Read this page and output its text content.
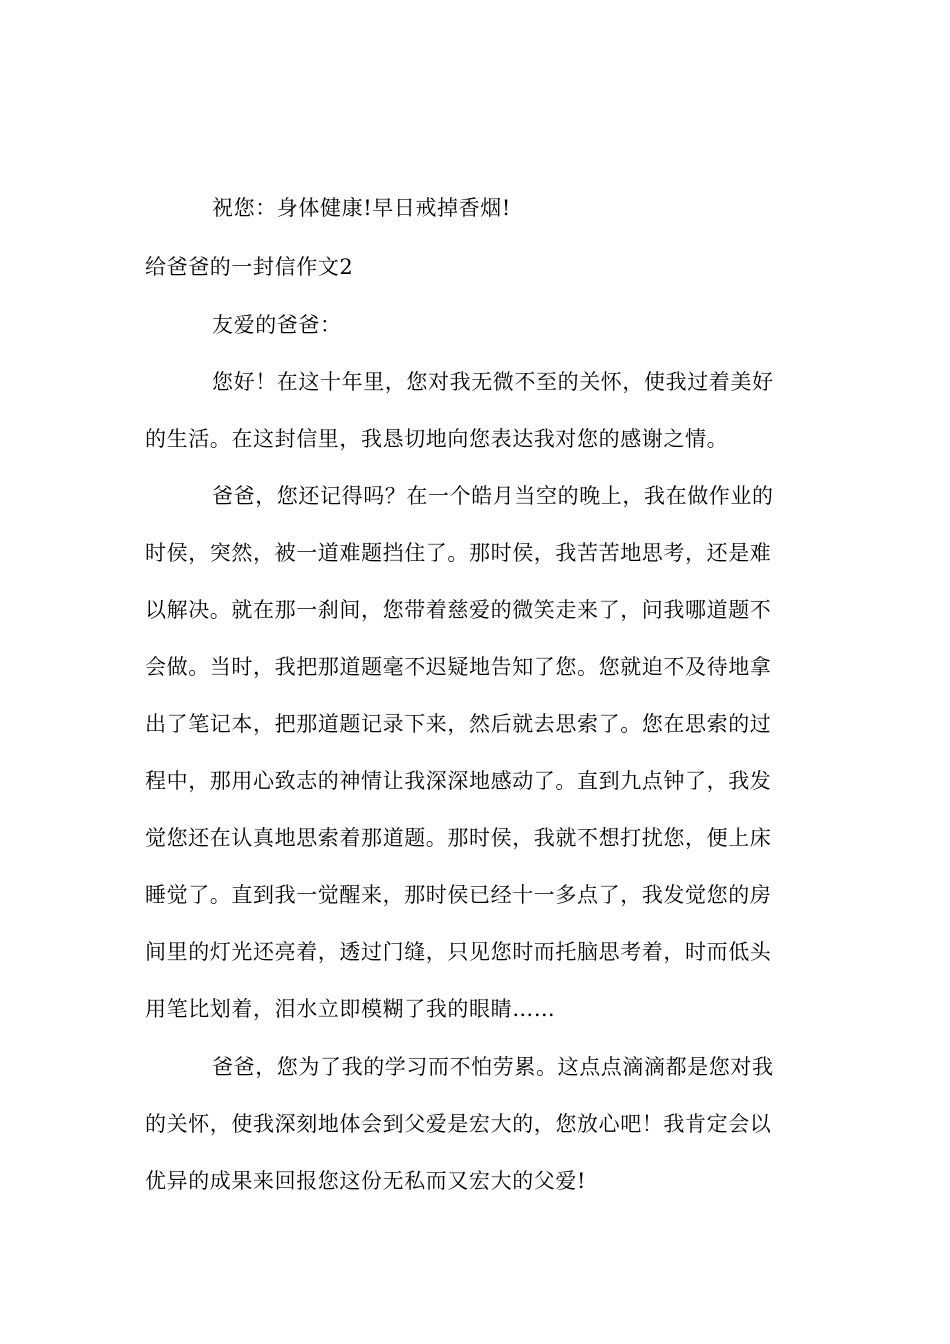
祝您：身体健康!早日戒掉香烟!
给爸爸的一封信作文2
友爱的爸爸：
您好！在这十年里，您对我无微不至的关怀，使我过着美好
的生活。在这封信里，我恳切地向您表达我对您的感谢之情。
爸爸，您还记得吗？在一个皓月当空的晚上，我在做作业的
时侯，突然，被一道难题挡住了。那时侯，我苦苦地思考，还是难
以解决。就在那一刹间，您带着慈爱的微笑走来了，问我哪道题不
会做。当时，我把那道题毫不迟疑地告知了您。您就迫不及待地拿
出了笔记本，把那道题记录下来，然后就去思索了。您在思索的过
程中，那用心致志的神情让我深深地感动了。直到九点钟了，我发
觉您还在认真地思索着那道题。那时侯，我就不想打扰您，便上床
睡觉了。直到我一觉醒来，那时侯已经十一多点了，我发觉您的房
间里的灯光还亮着，透过门缝，只见您时而托脑思考着，时而低头
用笔比划着，泪水立即模糊了我的眼睛……
爸爸，您为了我的学习而不怕劳累。这点点滴滴都是您对我
的关怀，使我深刻地体会到父爱是宏大的，您放心吧！我肯定会以
优异的成果来回报您这份无私而又宏大的父爱!
